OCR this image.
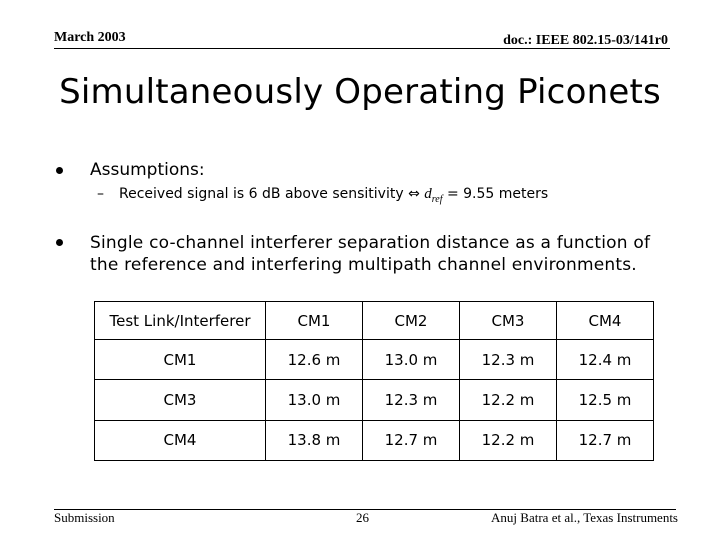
March 2003	doc.: IEEE 802.15-03/141r0
Simultaneously Operating Piconets
Assumptions:
– Received signal is 6 dB above sensitivity ⇔ $d_{ref} = 9.55$ meters
Single co-channel interferer separation distance as a function of the reference and interfering multipath channel environments.
Test Link/Interferer	CM1	CM2	CM3	CM4
CM1	12.6 m	13.0 m	12.3 m	12.4 m
CM3	13.0 m	12.3 m	12.2 m	12.5 m
CM4	13.8 m	12.7 m	12.2 m	12.7 m
Submission	26	Anuj Batra et al., Texas Instruments
